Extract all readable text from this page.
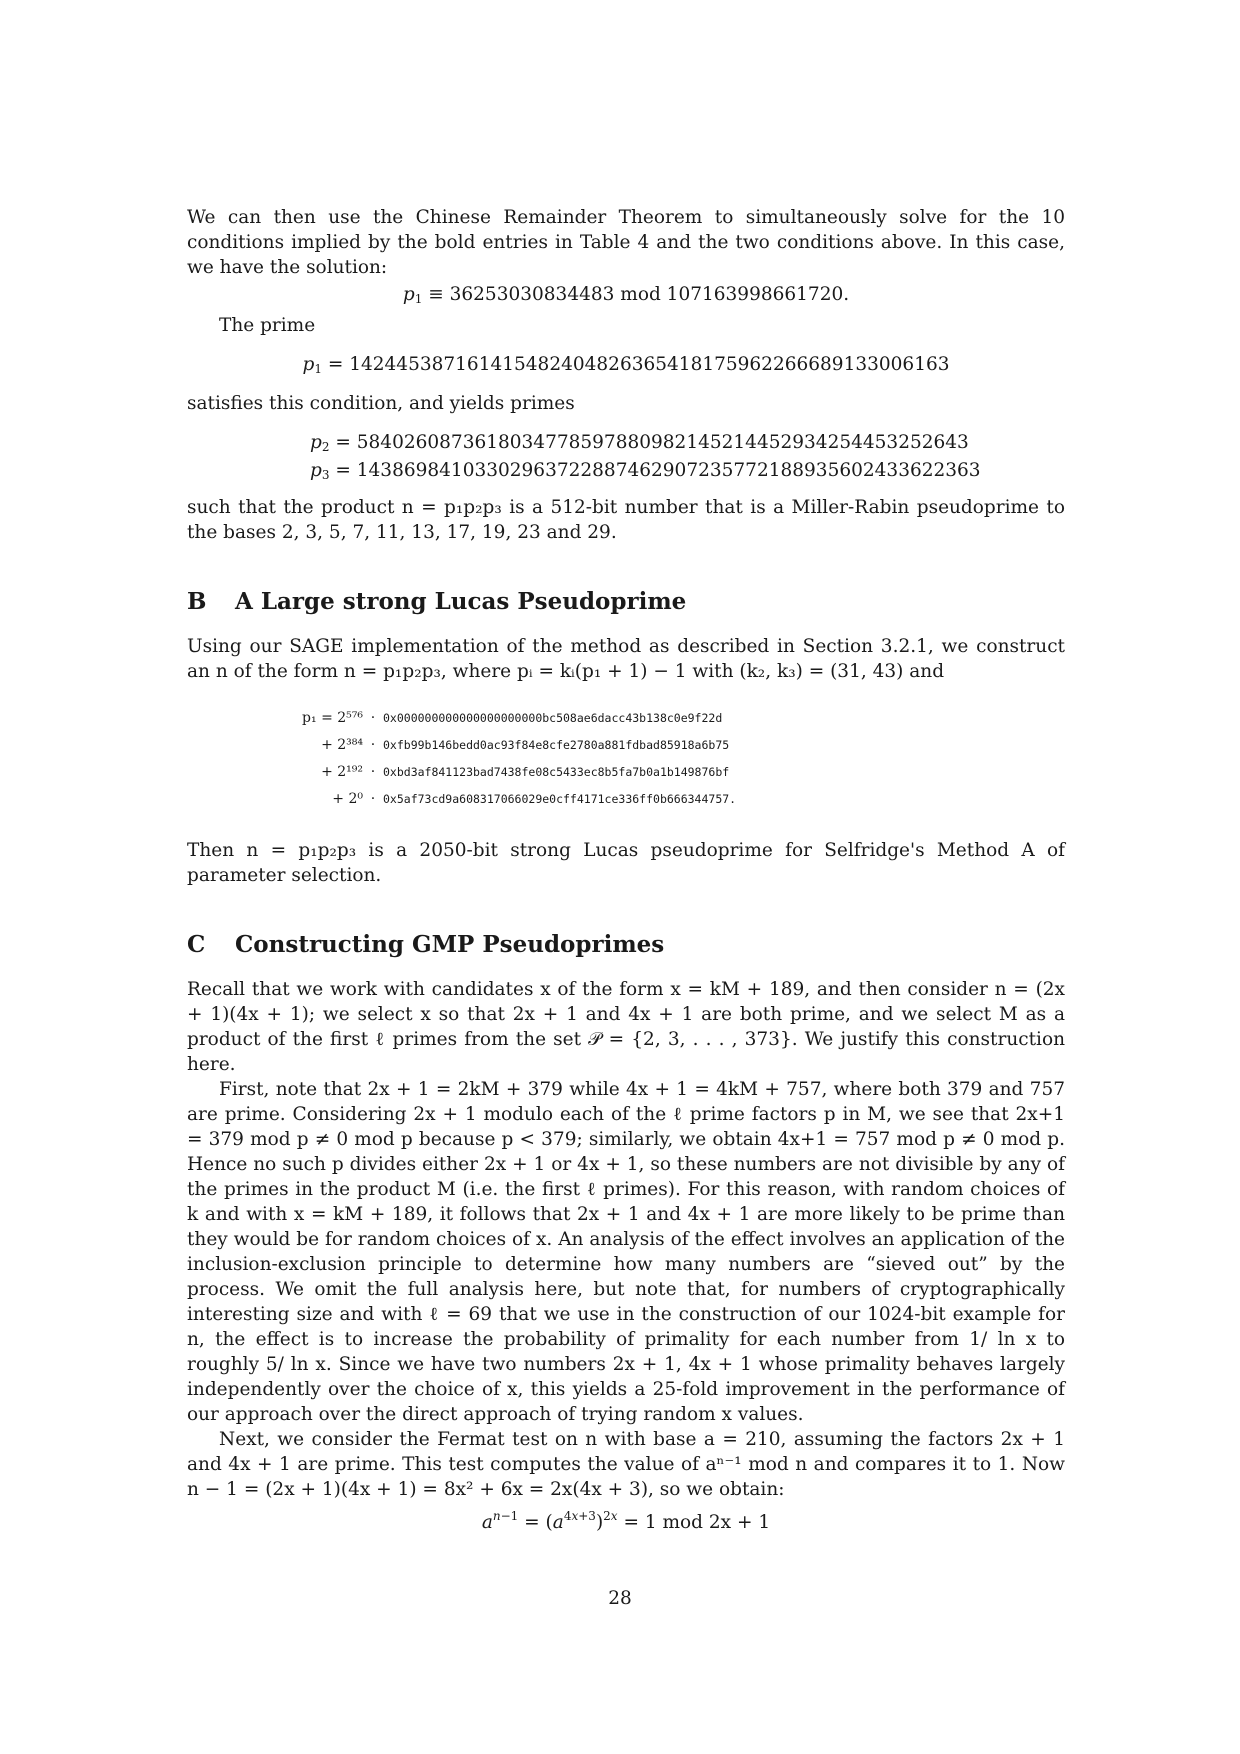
We can then use the Chinese Remainder Theorem to simultaneously solve for the 10 conditions implied by the bold entries in Table 4 and the two conditions above. In this case, we have the solution:

$p_1 \equiv 36253030834483$ mod 107163998661720.

The prime

$p_1 = 142445387161415482404826365418175962266689133006163$

satisfies this condition, and yields primes

$p_2 = 5840260873618034778597880982145214452934254453252643$
$p_3 = 14386984103302963722887462907235772188935602433622363$

such that the product n = p₁p₂p₃ is a 512-bit number that is a Miller-Rabin pseudoprime to the bases 2, 3, 5, 7, 11, 13, 17, 19, 23 and 29.

B	A Large strong Lucas Pseudoprime

Using our SAGE implementation of the method as described in Section 3.2.1, we construct an n of the form n = p₁p₂p₃, where pᵢ = kᵢ(p₁ + 1) − 1 with (k₂, k₃) = (31, 43) and

p₁ = 2⁵⁷⁶ · 0x000000000000000000000bc508ae6dacc43b138c0e9f22d
+ 2³⁸⁴ · 0xfb99b146bedd0ac93f84e8cfe2780a881fdbad85918a6b75
+ 2¹⁹² · 0xbd3af841123bad7438fe08c5433ec8b5fa7b0a1b149876bf
+ 2⁰ · 0x5af73cd9a608317066029e0cff4171ce336ff0b666344757.

Then n = p₁p₂p₃ is a 2050-bit strong Lucas pseudoprime for Selfridge's Method A of parameter selection.

C	Constructing GMP Pseudoprimes

Recall that we work with candidates x of the form x = kM + 189, and then consider n = (2x + 1)(4x + 1); we select x so that 2x + 1 and 4x + 1 are both prime, and we select M as a product of the first ℓ primes from the set 𝒫 = {2, 3, . . . , 373}. We justify this construction here.

First, note that 2x + 1 = 2kM + 379 while 4x + 1 = 4kM + 757, where both 379 and 757 are prime. Considering 2x + 1 modulo each of the ℓ prime factors p in M, we see that 2x+1 = 379 mod p ≠ 0 mod p because p < 379; similarly, we obtain 4x+1 = 757 mod p ≠ 0 mod p. Hence no such p divides either 2x + 1 or 4x + 1, so these numbers are not divisible by any of the primes in the product M (i.e. the first ℓ primes). For this reason, with random choices of k and with x = kM + 189, it follows that 2x + 1 and 4x + 1 are more likely to be prime than they would be for random choices of x. An analysis of the effect involves an application of the inclusion-exclusion principle to determine how many numbers are “sieved out” by the process. We omit the full analysis here, but note that, for numbers of cryptographically interesting size and with ℓ = 69 that we use in the construction of our 1024-bit example for n, the effect is to increase the probability of primality for each number from 1/ ln x to roughly 5/ ln x. Since we have two numbers 2x + 1, 4x + 1 whose primality behaves largely independently over the choice of x, this yields a 25-fold improvement in the performance of our approach over the direct approach of trying random x values.

Next, we consider the Fermat test on n with base a = 210, assuming the factors 2x + 1 and 4x + 1 are prime. This test computes the value of aⁿ⁻¹ mod n and compares it to 1. Now n − 1 = (2x + 1)(4x + 1) = 8x² + 6x = 2x(4x + 3), so we obtain:

$a^{n-1} = (a^{4x+3})^{2x} = 1$ mod 2x + 1
28
